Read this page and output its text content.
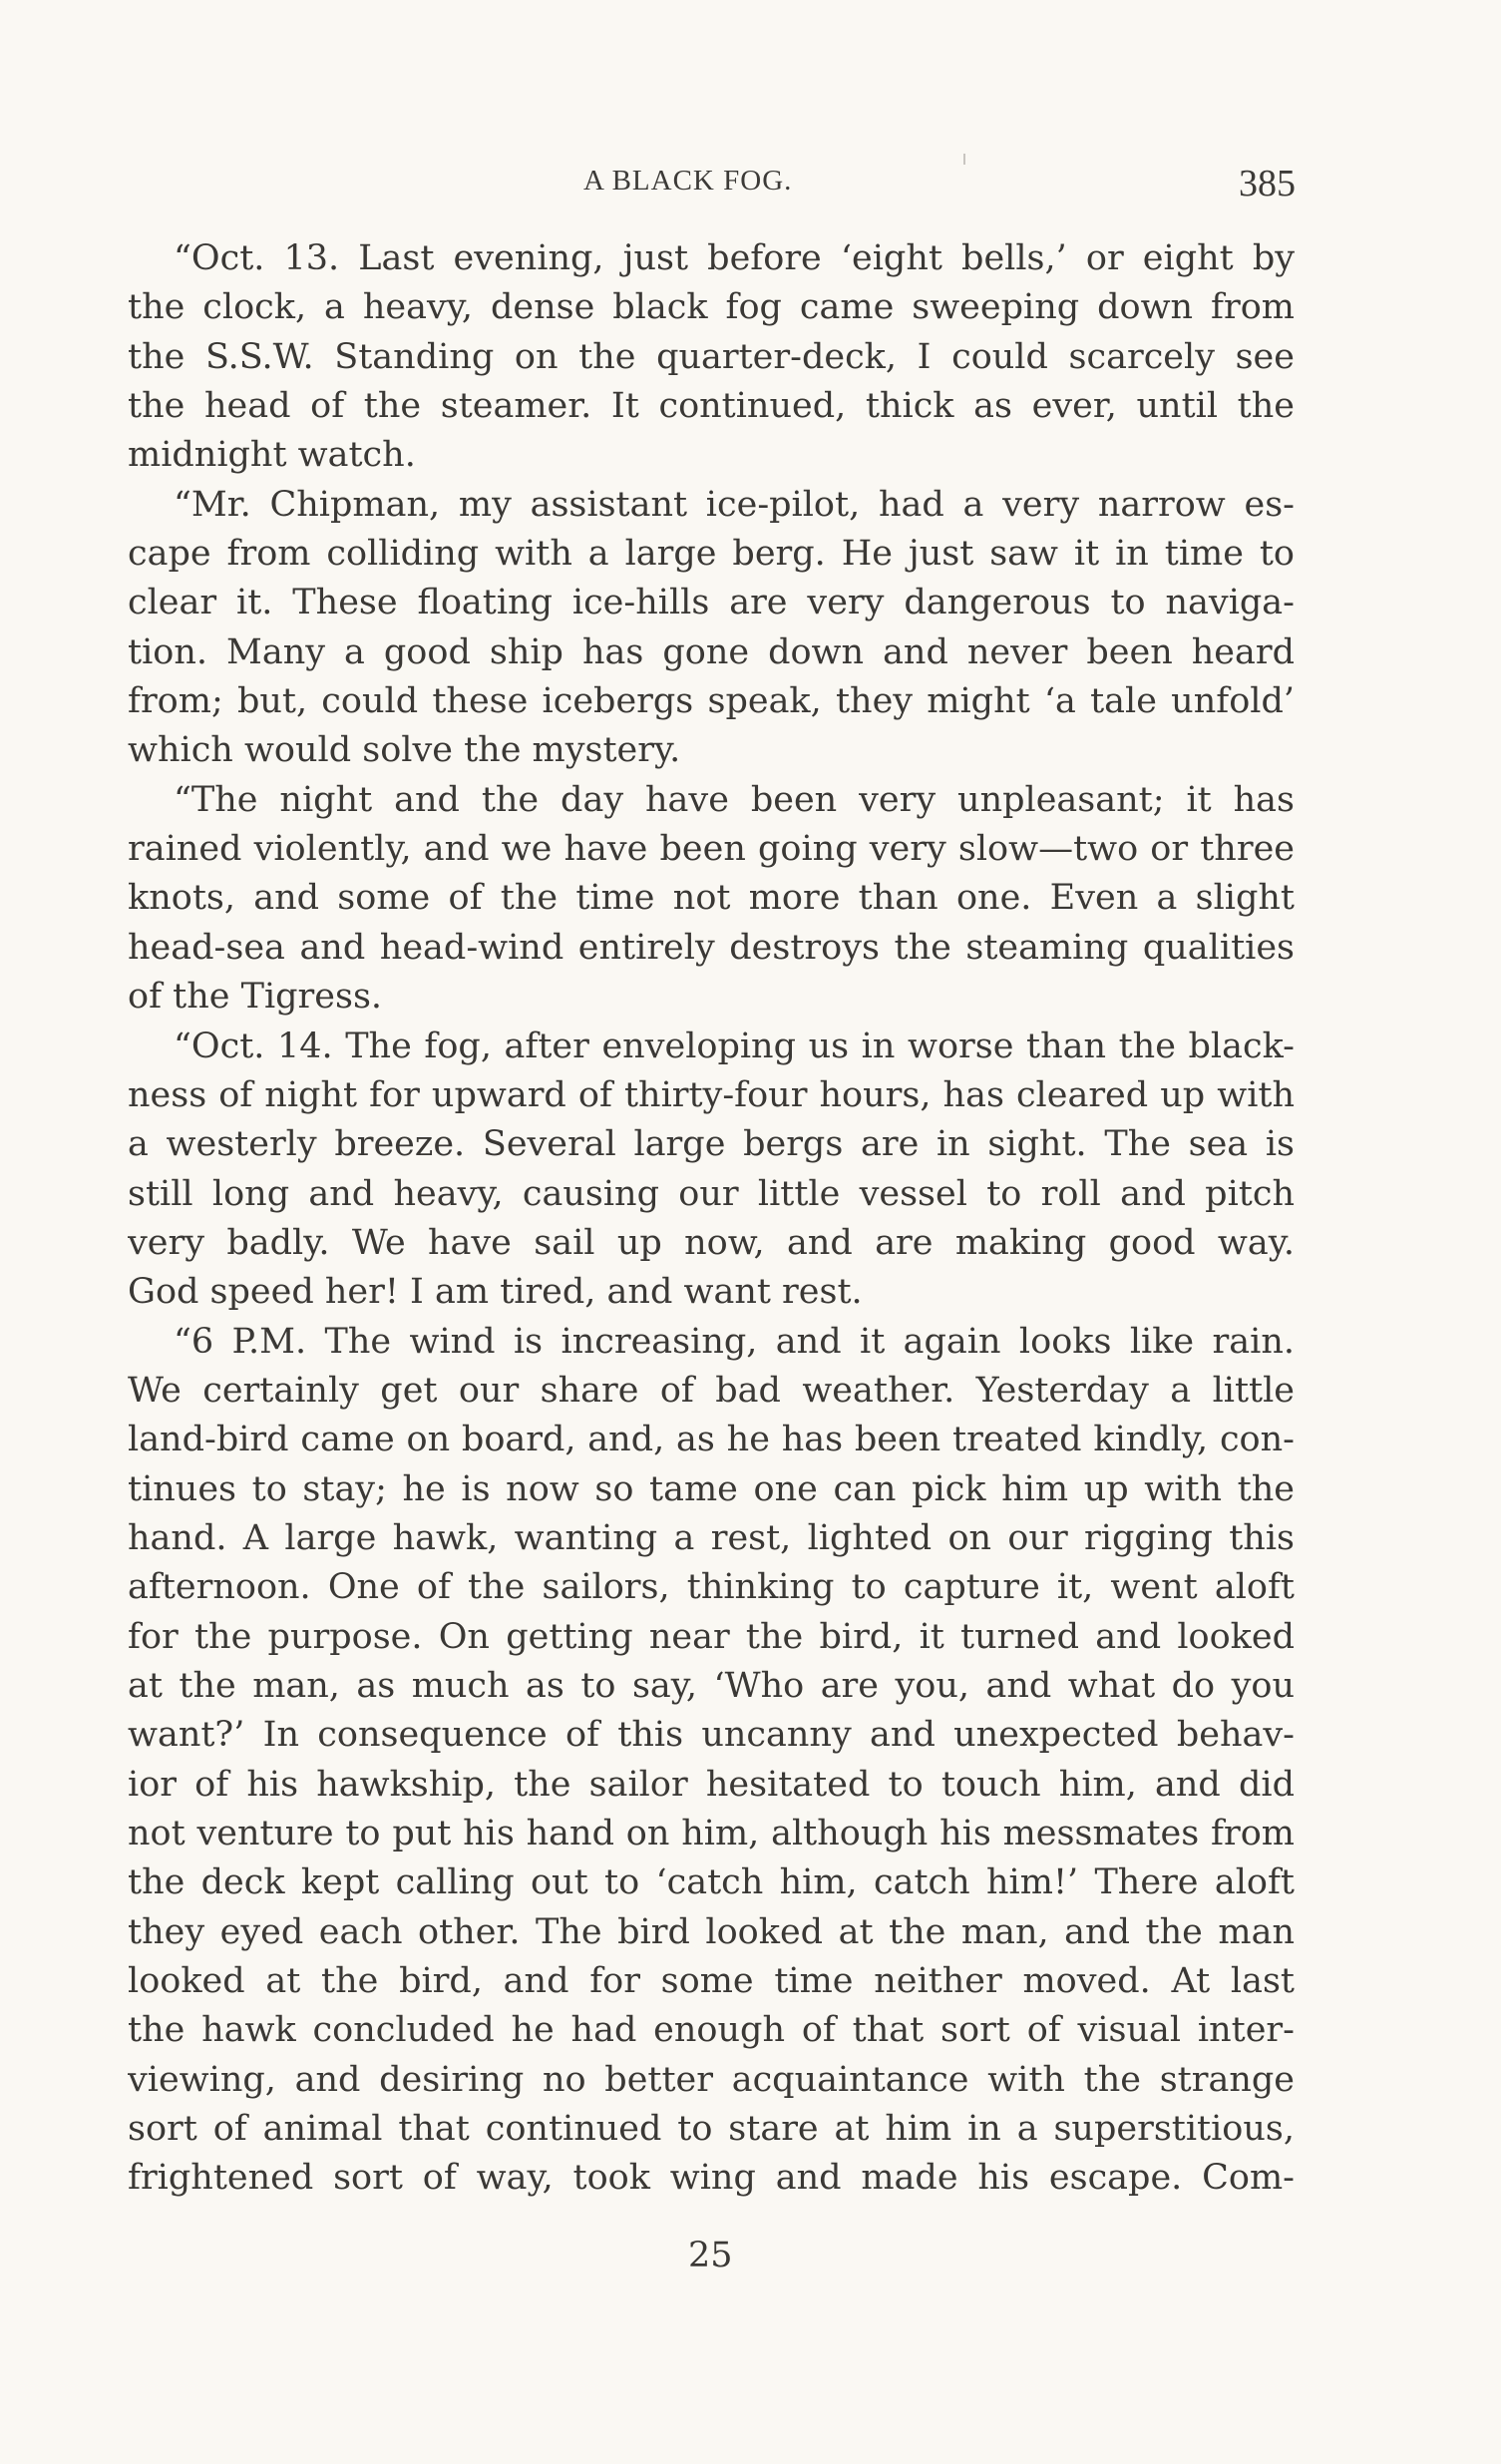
A BLACK FOG.	385
“Oct. 13. Last evening, just before ‘eight bells,’ or eight by
the clock, a heavy, dense black fog came sweeping down from
the S.S.W. Standing on the quarter-deck, I could scarcely see
the head of the steamer. It continued, thick as ever, until the
midnight watch.
“Mr. Chipman, my assistant ice-pilot, had a very narrow es-
cape from colliding with a large berg. He just saw it in time to
clear it. These floating ice-hills are very dangerous to naviga-
tion. Many a good ship has gone down and never been heard
from; but, could these icebergs speak, they might ‘a tale unfold’
which would solve the mystery.
“The night and the day have been very unpleasant; it has
rained violently, and we have been going very slow—two or three
knots, and some of the time not more than one. Even a slight
head-sea and head-wind entirely destroys the steaming qualities
of the Tigress.
“Oct. 14. The fog, after enveloping us in worse than the black-
ness of night for upward of thirty-four hours, has cleared up with
a westerly breeze. Several large bergs are in sight. The sea is
still long and heavy, causing our little vessel to roll and pitch
very badly. We have sail up now, and are making good way.
God speed her! I am tired, and want rest.
“6 P.M. The wind is increasing, and it again looks like rain.
We certainly get our share of bad weather. Yesterday a little
land-bird came on board, and, as he has been treated kindly, con-
tinues to stay; he is now so tame one can pick him up with the
hand. A large hawk, wanting a rest, lighted on our rigging this
afternoon. One of the sailors, thinking to capture it, went aloft
for the purpose. On getting near the bird, it turned and looked
at the man, as much as to say, ‘Who are you, and what do you
want?’ In consequence of this uncanny and unexpected behav-
ior of his hawkship, the sailor hesitated to touch him, and did
not venture to put his hand on him, although his messmates from
the deck kept calling out to ‘catch him, catch him!’ There aloft
they eyed each other. The bird looked at the man, and the man
looked at the bird, and for some time neither moved. At last
the hawk concluded he had enough of that sort of visual inter-
viewing, and desiring no better acquaintance with the strange
sort of animal that continued to stare at him in a superstitious,
frightened sort of way, took wing and made his escape. Com-
25
